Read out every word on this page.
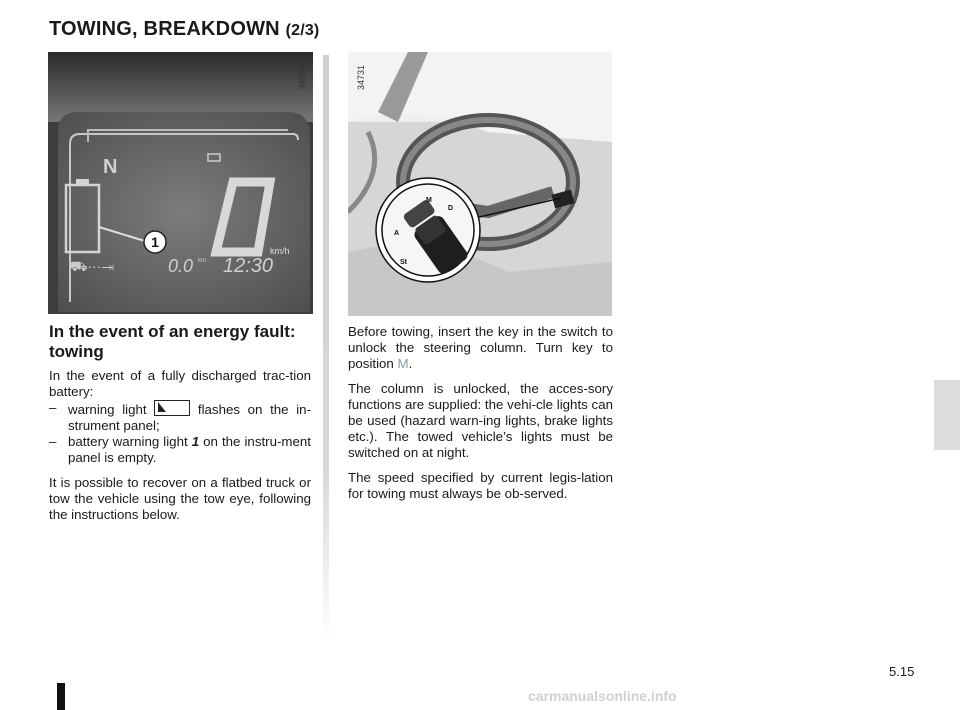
TOWING, BREAKDOWN (2/3)
km/h
N
0.0 km 12:30
⛟⋯⇥
1
34830
M
A
St
D
34731
In the event of an energy fault: towing

In the event of a fully discharged trac-tion battery:

– warning light	flashes on the in-strument panel;
– battery warning light 1 on the instru-ment panel is empty.

It is possible to recover on a flatbed truck or tow the vehicle using the tow eye, following the instructions below.

Before towing, insert the key in the switch to unlock the steering column. Turn key to position M.

The column is unlocked, the acces-sory functions are supplied: the vehi-cle lights can be used (hazard warn-ing lights, brake lights etc.). The towed vehicle’s lights must be switched on at night.

The speed specified by current legis-lation for towing must always be ob-served.

5.15
carmanualsonline.info
